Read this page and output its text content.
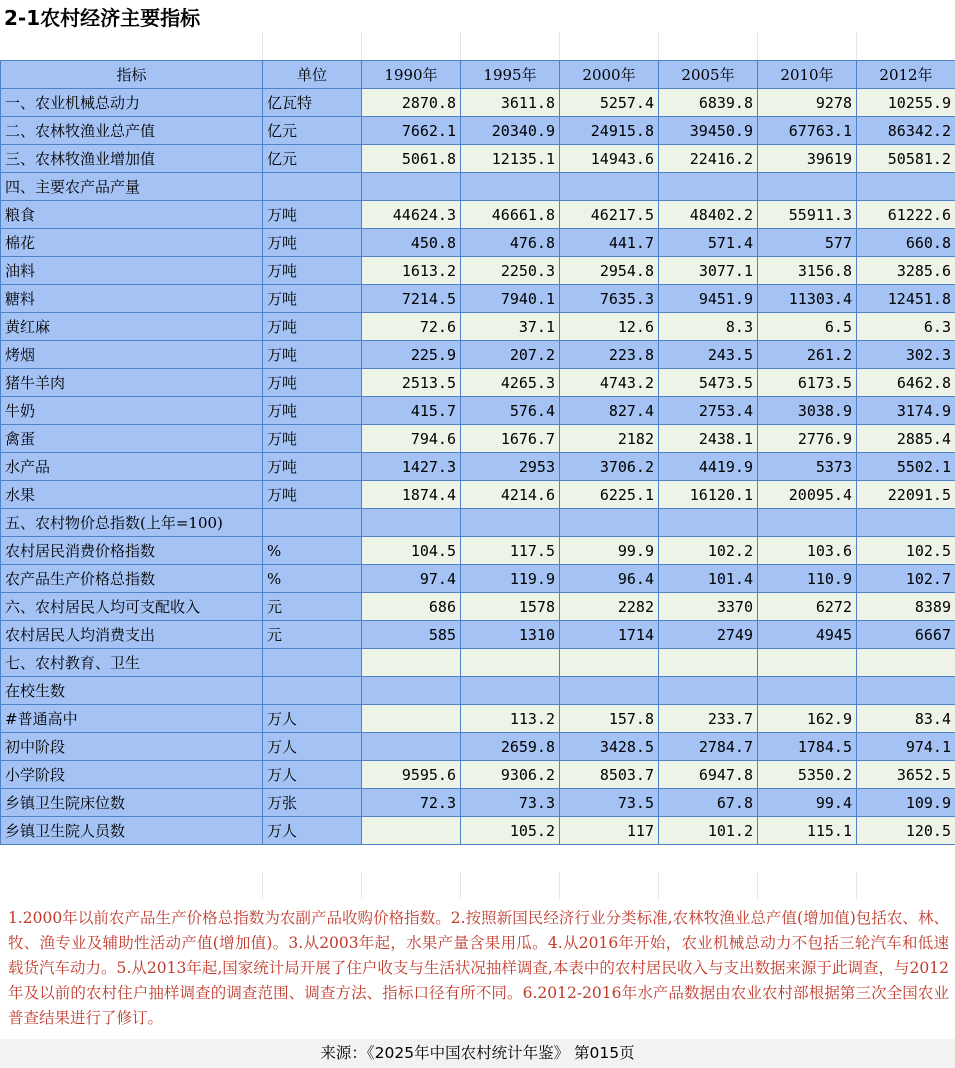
2-1农村经济主要指标
指标	单位	1990年	1995年	2000年	2005年	2010年	2012年
一、农业机械总动力	亿瓦特	2870.8	3611.8	5257.4	6839.8	9278	10255.9
二、农林牧渔业总产值	亿元	7662.1	20340.9	24915.8	39450.9	67763.1	86342.2
三、农林牧渔业增加值	亿元	5061.8	12135.1	14943.6	22416.2	39619	50581.2
四、主要农产品产量							
粮食	万吨	44624.3	46661.8	46217.5	48402.2	55911.3	61222.6
棉花	万吨	450.8	476.8	441.7	571.4	577	660.8
油料	万吨	1613.2	2250.3	2954.8	3077.1	3156.8	3285.6
糖料	万吨	7214.5	7940.1	7635.3	9451.9	11303.4	12451.8
黄红麻	万吨	72.6	37.1	12.6	8.3	6.5	6.3
烤烟	万吨	225.9	207.2	223.8	243.5	261.2	302.3
猪牛羊肉	万吨	2513.5	4265.3	4743.2	5473.5	6173.5	6462.8
牛奶	万吨	415.7	576.4	827.4	2753.4	3038.9	3174.9
禽蛋	万吨	794.6	1676.7	2182	2438.1	2776.9	2885.4
水产品	万吨	1427.3	2953	3706.2	4419.9	5373	5502.1
水果	万吨	1874.4	4214.6	6225.1	16120.1	20095.4	22091.5
五、农村物价总指数(上年=100)							
农村居民消费价格指数	%	104.5	117.5	99.9	102.2	103.6	102.5
农产品生产价格总指数	%	97.4	119.9	96.4	101.4	110.9	102.7
六、农村居民人均可支配收入	元	686	1578	2282	3370	6272	8389
农村居民人均消费支出	元	585	1310	1714	2749	4945	6667
七、农村教育、卫生							
在校生数							
#普通高中	万人		113.2	157.8	233.7	162.9	83.4
初中阶段	万人		2659.8	3428.5	2784.7	1784.5	974.1
小学阶段	万人	9595.6	9306.2	8503.7	6947.8	5350.2	3652.5
乡镇卫生院床位数	万张	72.3	73.3	73.5	67.8	99.4	109.9
乡镇卫生院人员数	万人		105.2	117	101.2	115.1	120.5
1.2000年以前农产品生产价格总指数为农副产品收购价格指数。2.按照新国民经济行业分类标准,农林牧渔业总产值(增加值)包括农、林、牧、渔专业及辅助性活动产值(增加值)。3.从2003年起，水果产量含果用瓜。4.从2016年开始，农业机械总动力不包括三轮汽车和低速载货汽车动力。5.从2013年起,国家统计局开展了住户收支与生活状况抽样调查,本表中的农村居民收入与支出数据来源于此调查，与2012年及以前的农村住户抽样调查的调查范围、调查方法、指标口径有所不同。6.2012-2016年水产品数据由农业农村部根据第三次全国农业普查结果进行了修订。
来源：《2025年中国农村统计年鉴》 第015页
